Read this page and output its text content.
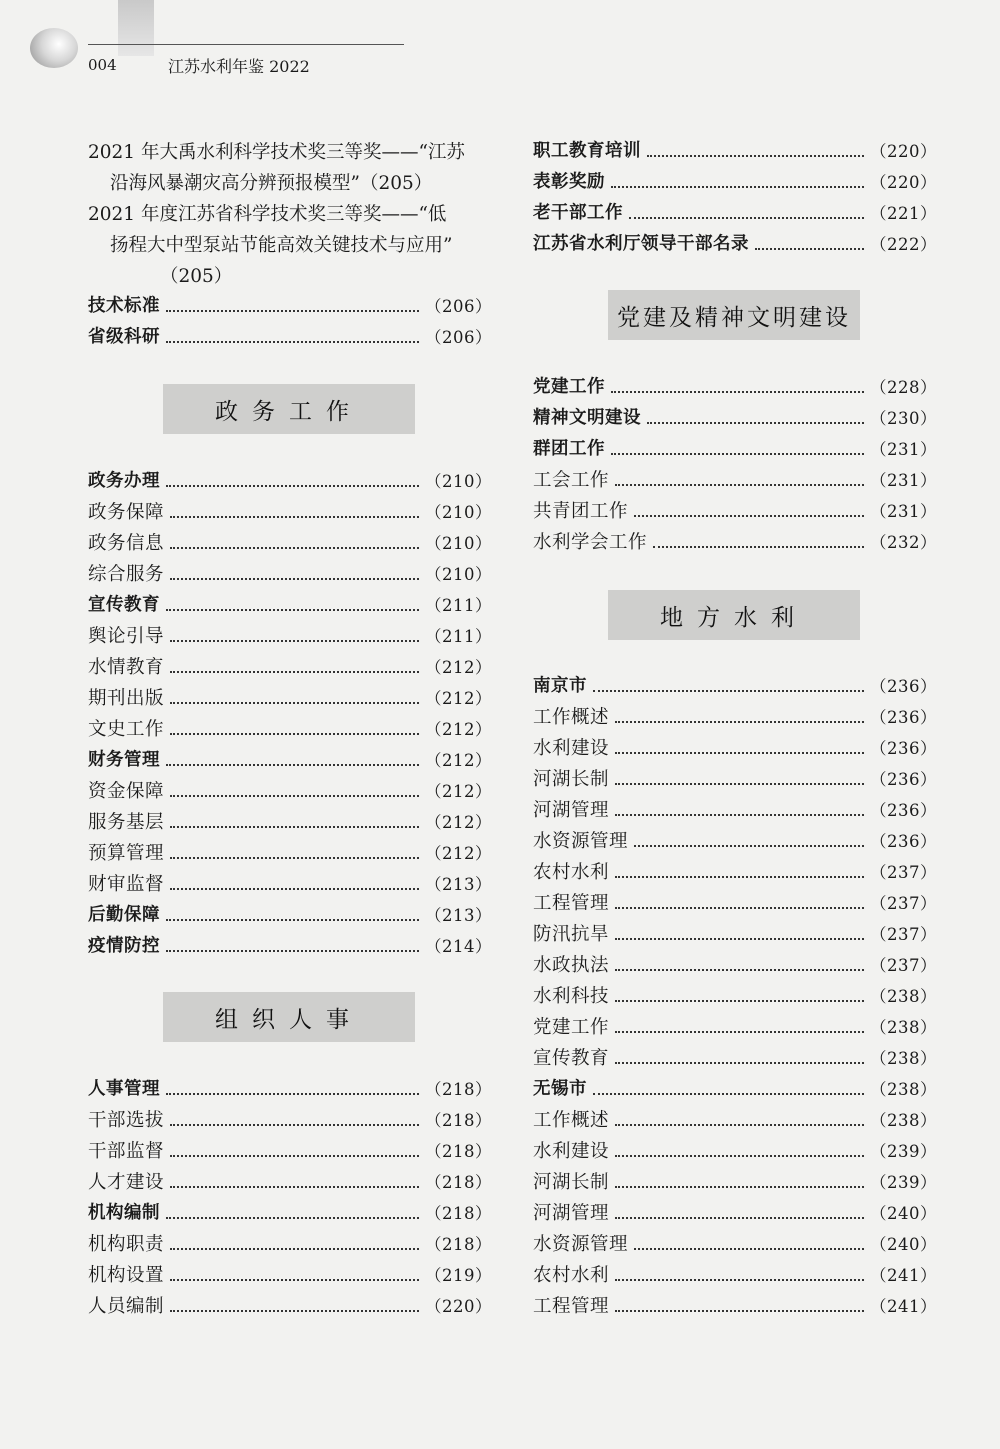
004	江苏水利年鉴 2022
2021 年大禹水利科学技术奖三等奖——“江苏
沿海风暴潮灾高分辨预报模型” （205）
2021 年度江苏省科学技术奖三等奖——“低
扬程大中型泵站节能高效关键技术与应用”
（205）
技术标准	（206）
省级科研	（206）
政务工作
政务办理	（210）
政务保障	（210）
政务信息	（210）
综合服务	（210）
宣传教育	（211）
舆论引导	（211）
水情教育	（212）
期刊出版	（212）
文史工作	（212）
财务管理	（212）
资金保障	（212）
服务基层	（212）
预算管理	（212）
财审监督	（213）
后勤保障	（213）
疫情防控	（214）
组织人事
人事管理	（218）
干部选拔	（218）
干部监督	（218）
人才建设	（218）
机构编制	（218）
机构职责	（218）
机构设置	（219）
人员编制	（220）
职工教育培训	（220）
表彰奖励	（220）
老干部工作	（221）
江苏省水利厅领导干部名录	（222）
党建及精神文明建设
党建工作	（228）
精神文明建设	（230）
群团工作	（231）
工会工作	（231）
共青团工作	（231）
水利学会工作	（232）
地方水利
南京市	（236）
工作概述	（236）
水利建设	（236）
河湖长制	（236）
河湖管理	（236）
水资源管理	（236）
农村水利	（237）
工程管理	（237）
防汛抗旱	（237）
水政执法	（237）
水利科技	（238）
党建工作	（238）
宣传教育	（238）
无锡市	（238）
工作概述	（238）
水利建设	（239）
河湖长制	（239）
河湖管理	（240）
水资源管理	（240）
农村水利	（241）
工程管理	（241）
